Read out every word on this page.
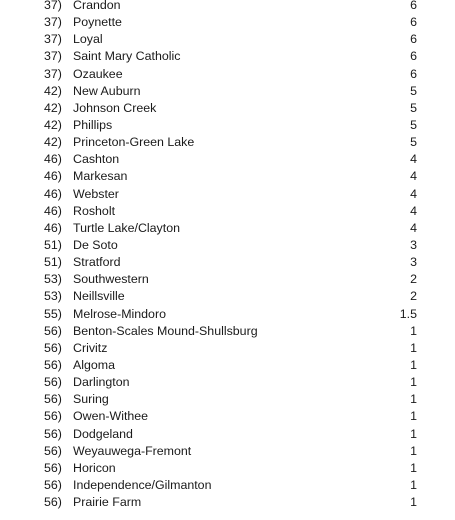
37) Crandon	6
37) Poynette	6
37) Loyal	6
37) Saint Mary Catholic	6
37) Ozaukee	6
42) New Auburn	5
42) Johnson Creek	5
42) Phillips	5
42) Princeton-Green Lake	5
46) Cashton	4
46) Markesan	4
46) Webster	4
46) Rosholt	4
46) Turtle Lake/Clayton	4
51) De Soto	3
51) Stratford	3
53) Southwestern	2
53) Neillsville	2
55) Melrose-Mindoro	1.5
56) Benton-Scales Mound-Shullsburg	1
56) Crivitz	1
56) Algoma	1
56) Darlington	1
56) Suring	1
56) Owen-Withee	1
56) Dodgeland	1
56) Weyauwega-Fremont	1
56) Horicon	1
56) Independence/Gilmanton	1
56) Prairie Farm	1
